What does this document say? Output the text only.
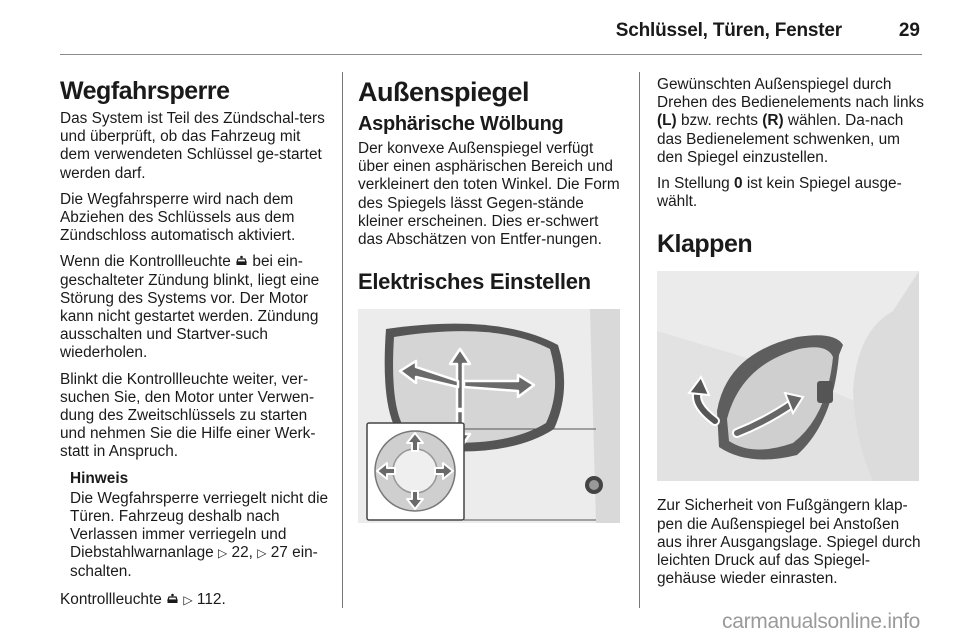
Schlüssel, Türen, Fenster	29
Wegfahrsperre

Das System ist Teil des Zündschal-ters und überprüft, ob das Fahrzeug mit dem verwendeten Schlüssel ge-startet werden darf.

Die Wegfahrsperre wird nach dem Abziehen des Schlüssels aus dem Zündschloss automatisch aktiviert.

Wenn die Kontrollleuchte bei ein-geschalteter Zündung blinkt, liegt eine Störung des Systems vor. Der Motor kann nicht gestartet werden. Zündung ausschalten und Startver-such wiederholen.

Blinkt die Kontrollleuchte weiter, ver-suchen Sie, den Motor unter Verwen-dung des Zweitschlüssels zu starten und nehmen Sie die Hilfe einer Werk-statt in Anspruch.

Hinweis

Die Wegfahrsperre verriegelt nicht die Türen. Fahrzeug deshalb nach Verlassen immer verriegeln und Diebstahlwarnanlage ▷ 22, ▷ 27 ein-schalten.

Kontrollleuchte ▷ 112.

Außenspiegel
Asphärische Wölbung

Der konvexe Außenspiegel verfügt über einen asphärischen Bereich und verkleinert den toten Winkel. Die Form des Spiegels lässt Gegen-stände kleiner erscheinen. Dies er-schwert das Abschätzen von Entfer-nungen.

Elektrisches Einstellen

Gewünschten Außenspiegel durch Drehen des Bedienelements nach links (L) bzw. rechts (R) wählen. Da-nach das Bedienelement schwenken, um den Spiegel einzustellen.

In Stellung 0 ist kein Spiegel ausge-wählt.

Klappen

Zur Sicherheit von Fußgängern klap-pen die Außenspiegel bei Anstoßen aus ihrer Ausgangslage. Spiegel durch leichten Druck auf das Spiegel-gehäuse wieder einrasten.

carmanualsonline.info
